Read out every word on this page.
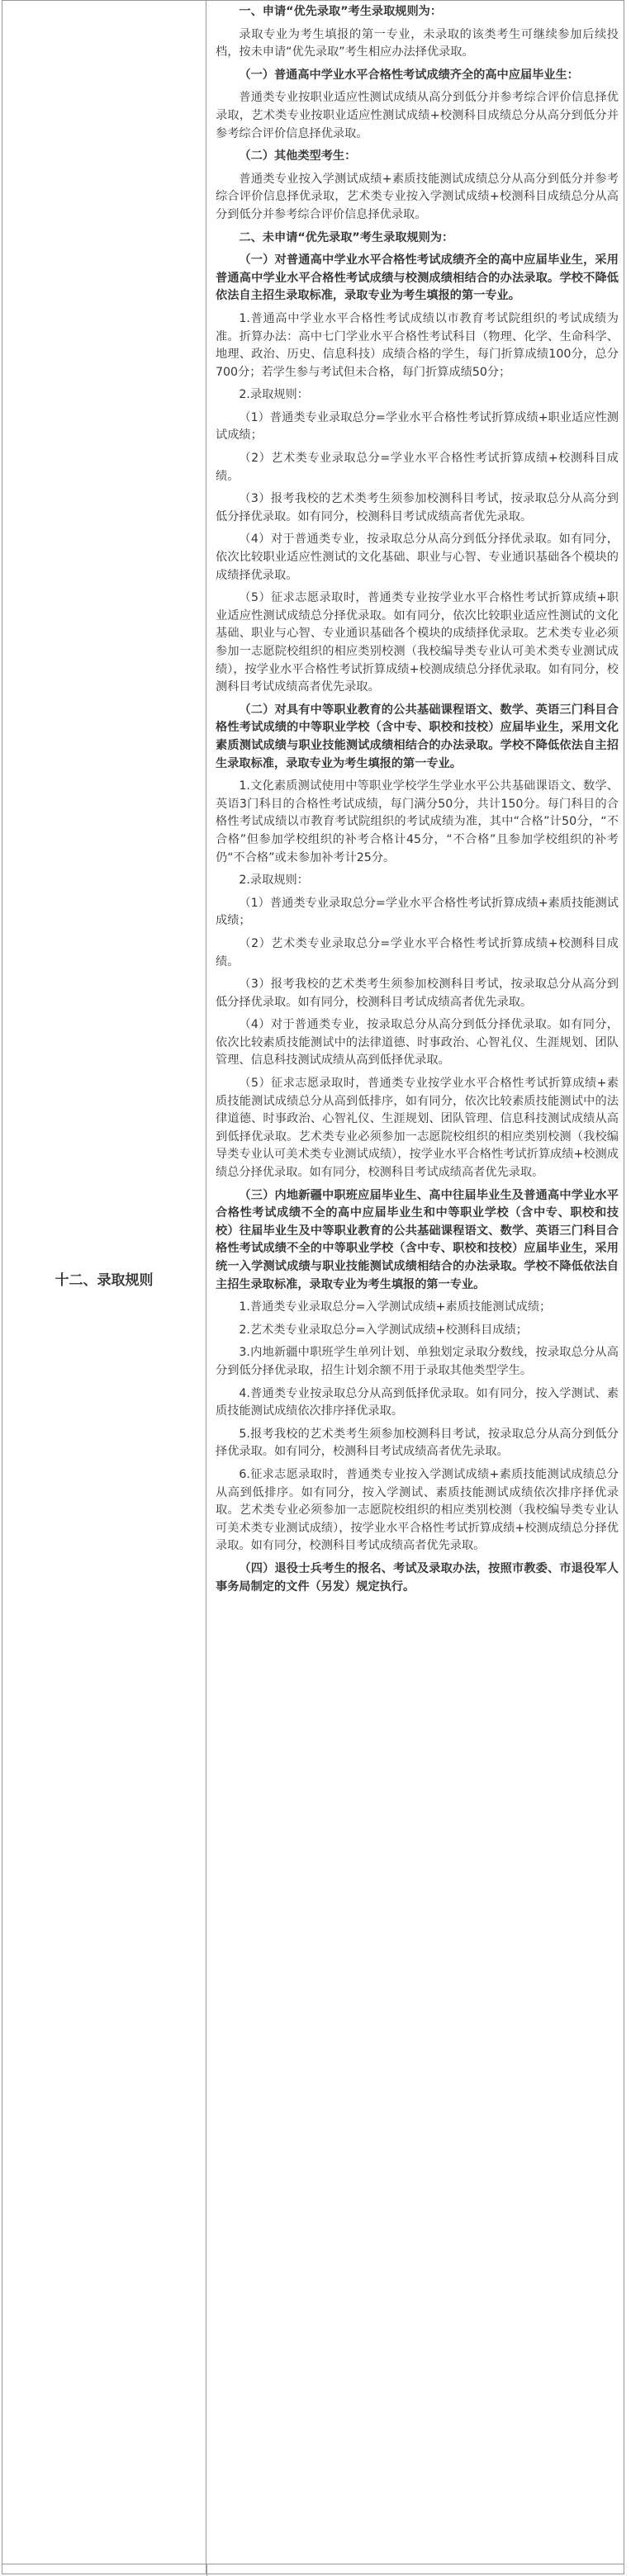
十二、录取规则

一、申请“优先录取”考生录取规则为：

录取专业为考生填报的第一专业，未录取的该类考生可继续参加后续投档，按未申请“优先录取”考生相应办法择优录取。

（一）普通高中学业水平合格性考试成绩齐全的高中应届毕业生：

普通类专业按职业适应性测试成绩从高分到低分并参考综合评价信息择优录取，艺术类专业按职业适应性测试成绩+校测科目成绩总分从高分到低分并参考综合评价信息择优录取。

（二）其他类型考生：

普通类专业按入学测试成绩+素质技能测试成绩总分从高分到低分并参考综合评价信息择优录取，艺术类专业按入学测试成绩+校测科目成绩总分从高分到低分并参考综合评价信息择优录取。

二、未申请“优先录取”考生录取规则为：

（一）对普通高中学业水平合格性考试成绩齐全的高中应届毕业生，采用普通高中学业水平合格性考试成绩与校测成绩相结合的办法录取。学校不降低依法自主招生录取标准，录取专业为考生填报的第一专业。

1.普通高中学业水平合格性考试成绩以市教育考试院组织的考试成绩为准。折算办法：高中七门学业水平合格性考试科目（物理、化学、生命科学、地理、政治、历史、信息科技）成绩合格的学生，每门折算成绩100分，总分700分；若学生参与考试但未合格，每门折算成绩50分；

2.录取规则：

（1）普通类专业录取总分=学业水平合格性考试折算成绩+职业适应性测试成绩；

（2）艺术类专业录取总分=学业水平合格性考试折算成绩+校测科目成绩。

（3）报考我校的艺术类考生须参加校测科目考试，按录取总分从高分到低分择优录取。如有同分，校测科目考试成绩高者优先录取。

（4）对于普通类专业，按录取总分从高分到低分择优录取。如有同分，依次比较职业适应性测试的文化基础、职业与心智、专业通识基础各个模块的成绩择优录取。

（5）征求志愿录取时，普通类专业按学业水平合格性考试折算成绩+职业适应性测试成绩总分择优录取。如有同分，依次比较职业适应性测试的文化基础、职业与心智、专业通识基础各个模块的成绩择优录取。艺术类专业必须参加一志愿院校组织的相应类别校测（我校编导类专业认可美术类专业测试成绩），按学业水平合格性考试折算成绩+校测成绩总分择优录取。如有同分，校测科目考试成绩高者优先录取。

（二）对具有中等职业教育的公共基础课程语文、数学、英语三门科目合格性考试成绩的中等职业学校（含中专、职校和技校）应届毕业生，采用文化素质测试成绩与职业技能测试成绩相结合的办法录取。学校不降低依法自主招生录取标准，录取专业为考生填报的第一专业。

1.文化素质测试使用中等职业学校学生学业水平公共基础课语文、数学、英语3门科目的合格性考试成绩，每门满分50分，共计150分。每门科目的合格性考试成绩以市教育考试院组织的考试成绩为准，其中“合格”计50分，“不合格”但参加学校组织的补考合格计45分，“不合格”且参加学校组织的补考仍“不合格”或未参加补考计25分。

2.录取规则：

（1）普通类专业录取总分=学业水平合格性考试折算成绩+素质技能测试成绩；

（2）艺术类专业录取总分=学业水平合格性考试折算成绩+校测科目成绩。

（3）报考我校的艺术类考生须参加校测科目考试，按录取总分从高分到低分择优录取。如有同分，校测科目考试成绩高者优先录取。

（4）对于普通类专业，按录取总分从高分到低分择优录取。如有同分，依次比较素质技能测试中的法律道德、时事政治、心智礼仪、生涯规划、团队管理、信息科技测试成绩从高到低择优录取。

（5）征求志愿录取时，普通类专业按学业水平合格性考试折算成绩+素质技能测试成绩总分从高到低排序，如有同分，依次比较素质技能测试中的法律道德、时事政治、心智礼仪、生涯规划、团队管理、信息科技测试成绩从高到低择优录取。艺术类专业必须参加一志愿院校组织的相应类别校测（我校编导类专业认可美术类专业测试成绩），按学业水平合格性考试折算成绩+校测成绩总分择优录取。如有同分，校测科目考试成绩高者优先录取。

（三）内地新疆中职班应届毕业生、高中往届毕业生及普通高中学业水平合格性考试成绩不全的高中应届毕业生和中等职业学校（含中专、职校和技校）往届毕业生及中等职业教育的公共基础课程语文、数学、英语三门科目合格性考试成绩不全的中等职业学校（含中专、职校和技校）应届毕业生，采用统一入学测试成绩与职业技能测试成绩相结合的办法录取。学校不降低依法自主招生录取标准，录取专业为考生填报的第一专业。

1.普通类专业录取总分=入学测试成绩+素质技能测试成绩；

2.艺术类专业录取总分=入学测试成绩+校测科目成绩；

3.内地新疆中职班学生单列计划、单独划定录取分数线，按录取总分从高分到低分择优录取，招生计划余额不用于录取其他类型学生。

4.普通类专业按录取总分从高到低择优录取。如有同分，按入学测试、素质技能测试成绩依次排序择优录取。

5.报考我校的艺术类考生须参加校测科目考试，按录取总分从高分到低分择优录取。如有同分，校测科目考试成绩高者优先录取。

6.征求志愿录取时，普通类专业按入学测试成绩+素质技能测试成绩总分从高到低排序。如有同分，按入学测试、素质技能测试成绩依次排序择优录取。艺术类专业必须参加一志愿院校组织的相应类别校测（我校编导类专业认可美术类专业测试成绩），按学业水平合格性考试折算成绩+校测成绩总分择优录取。如有同分，校测科目考试成绩高者优先录取。

（四）退役士兵考生的报名、考试及录取办法，按照市教委、市退役军人事务局制定的文件（另发）规定执行。
